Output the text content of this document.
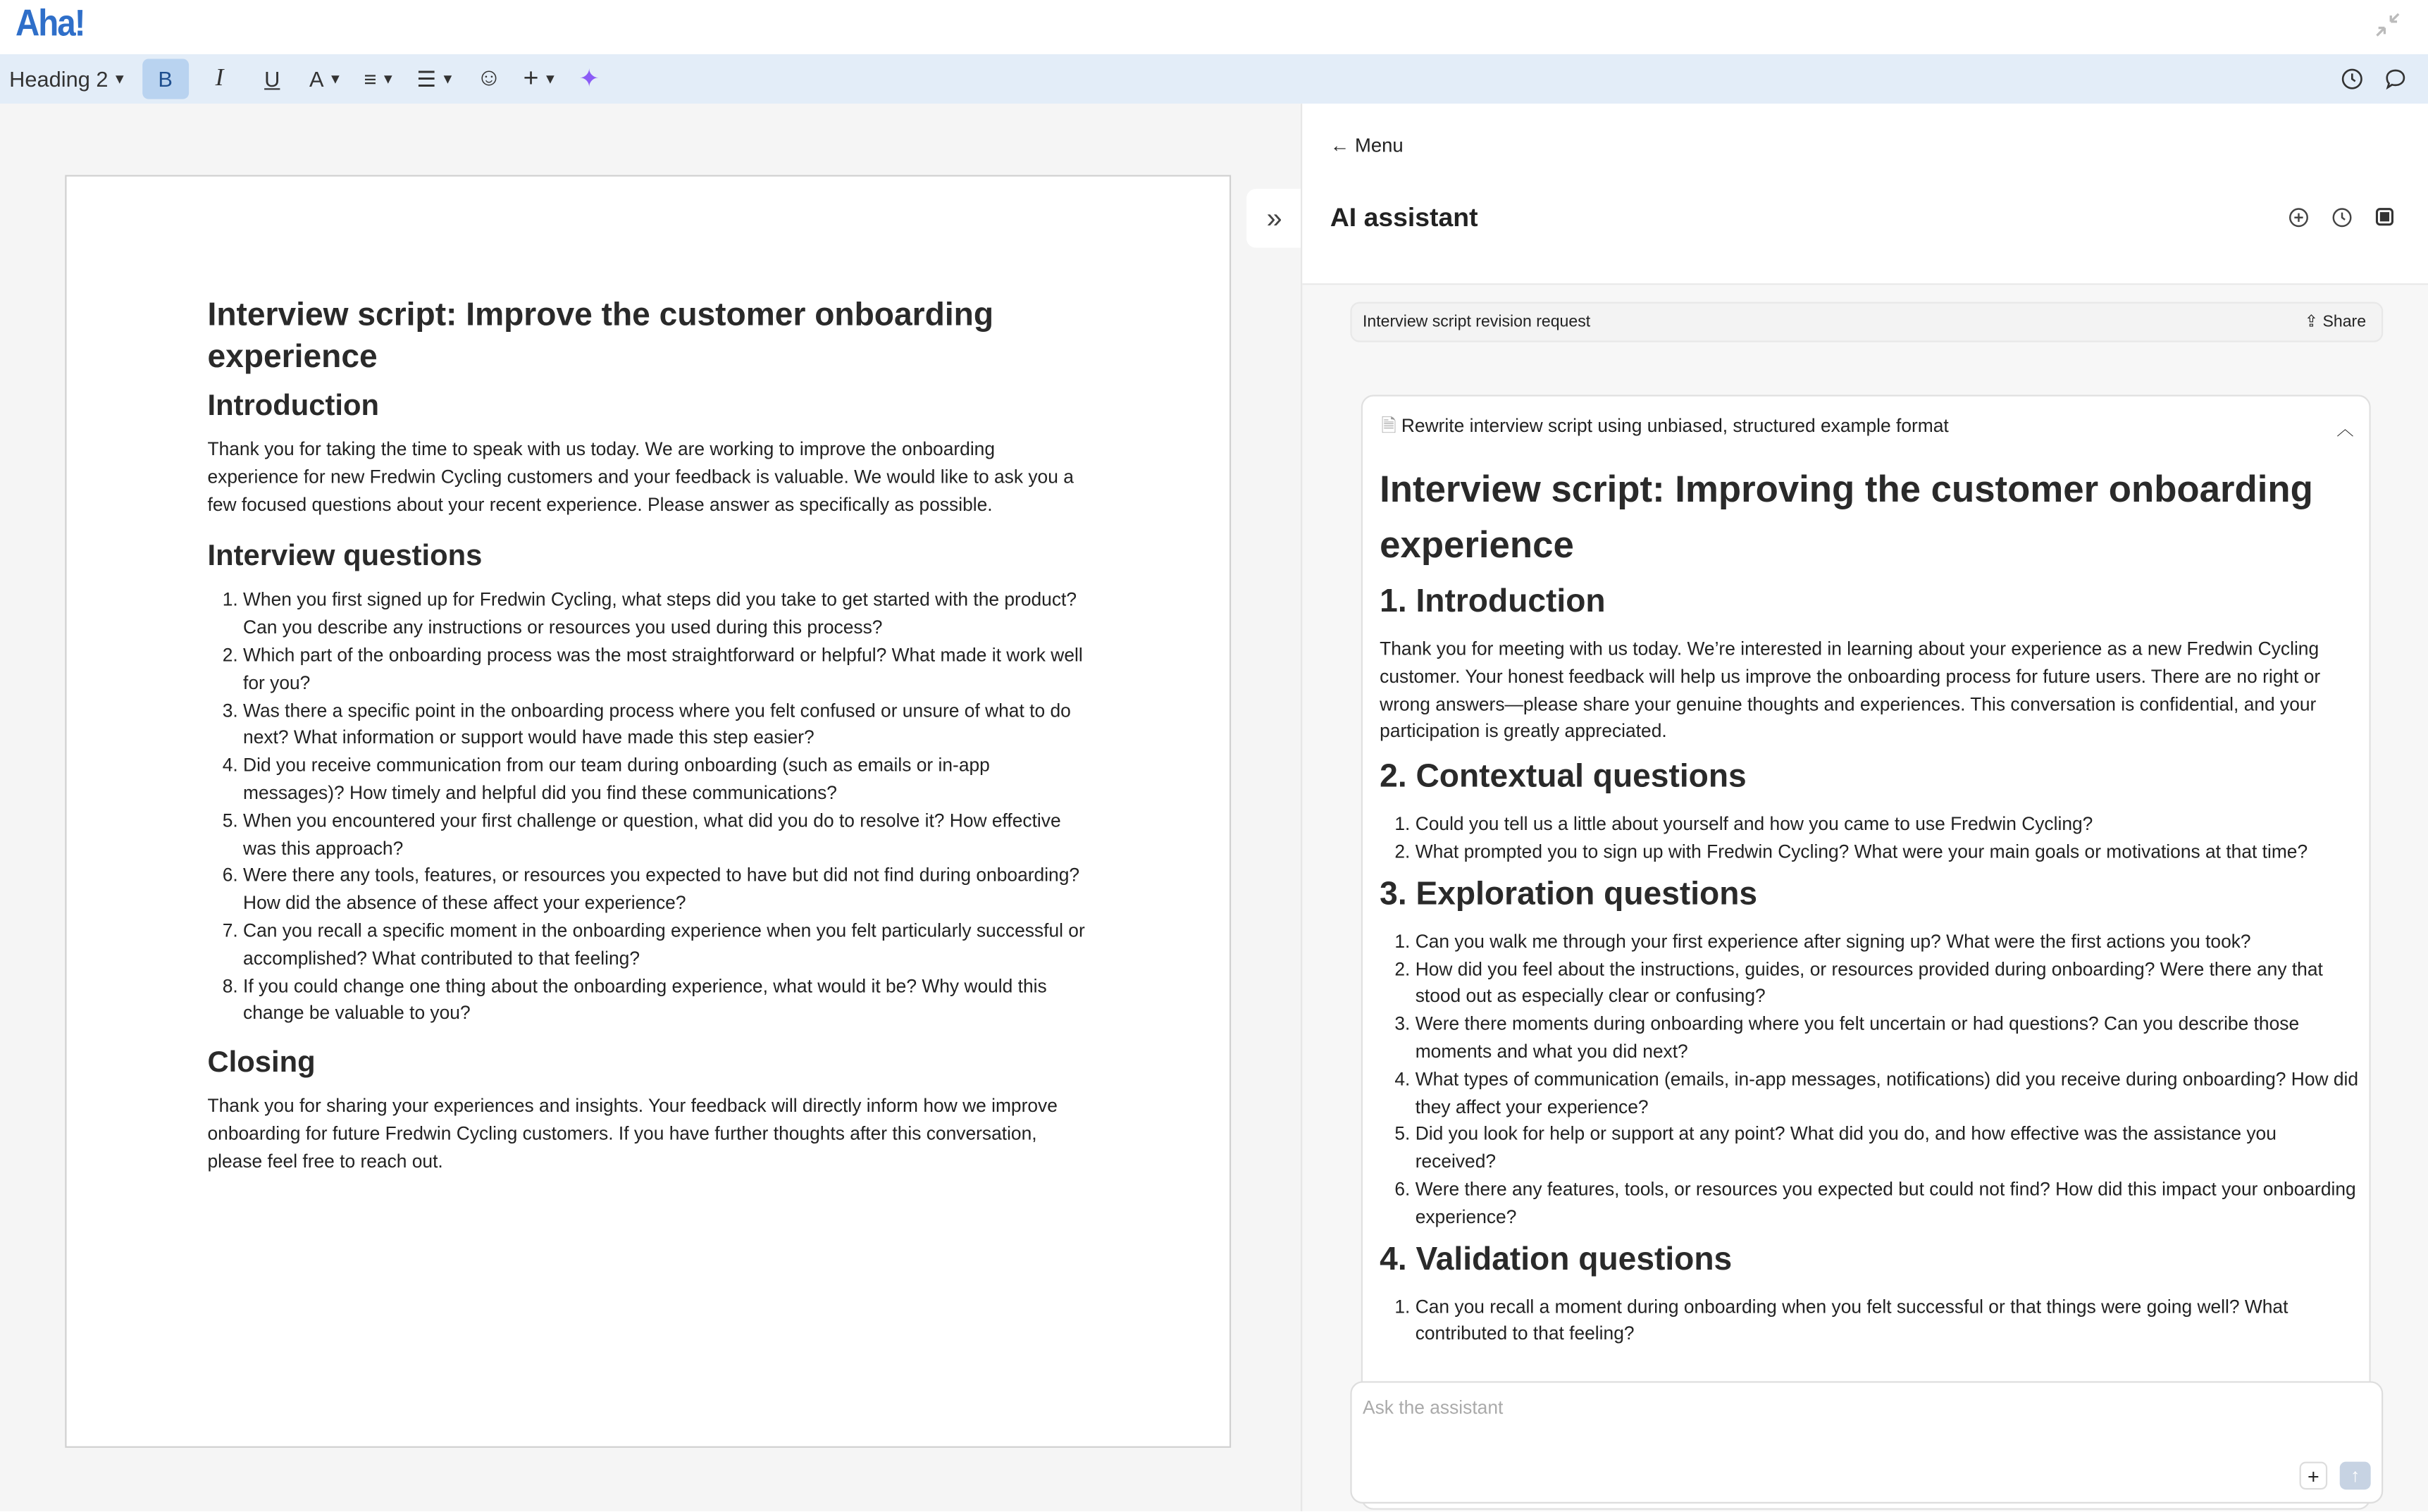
Aha!
Heading 2 ▼	B	I	U	A ▼ ≡ ▼ ☰ ▼ ☺ + ▼ ✦
Interview script: Improve the customer onboarding experience
Introduction

Thank you for taking the time to speak with us today. We are working to improve the onboarding experience for new Fredwin Cycling customers and your feedback is valuable. We would like to ask you a few focused questions about your recent experience. Please answer as specifically as possible.

Interview questions
1. When you first signed up for Fredwin Cycling, what steps did you take to get started with the product? Can you describe any instructions or resources you used during this process?
2. Which part of the onboarding process was the most straightforward or helpful? What made it work well for you?
3. Was there a specific point in the onboarding process where you felt confused or unsure of what to do next? What information or support would have made this step easier?
4. Did you receive communication from our team during onboarding (such as emails or in-app messages)? How timely and helpful did you find these communications?
5. When you encountered your first challenge or question, what did you do to resolve it? How effective was this approach?
6. Were there any tools, features, or resources you expected to have but did not find during onboarding? How did the absence of these affect your experience?
7. Can you recall a specific moment in the onboarding experience when you felt particularly successful or accomplished? What contributed to that feeling?
8. If you could change one thing about the onboarding experience, what would it be? Why would this change be valuable to you?
Closing

Thank you for sharing your experiences and insights. Your feedback will directly inform how we improve onboarding for future Fredwin Cycling customers. If you have further thoughts after this conversation, please feel free to reach out.

»
← Menu
AI assistant
Interview script revision request	⇪ Share
🗎 Rewrite interview script using unbiased, structured example format	︿
Interview script: Improving the customer onboarding experience
1. Introduction

Thank you for meeting with us today. We’re interested in learning about your experience as a new Fredwin Cycling customer. Your honest feedback will help us improve the onboarding process for future users. There are no right or wrong answers—please share your genuine thoughts and experiences. This conversation is confidential, and your participation is greatly appreciated.

2. Contextual questions
1. Could you tell us a little about yourself and how you came to use Fredwin Cycling?
2. What prompted you to sign up with Fredwin Cycling? What were your main goals or motivations at that time?
3. Exploration questions
1. Can you walk me through your first experience after signing up? What were the first actions you took?
2. How did you feel about the instructions, guides, or resources provided during onboarding? Were there any that stood out as especially clear or confusing?
3. Were there moments during onboarding where you felt uncertain or had questions? Can you describe those moments and what you did next?
4. What types of communication (emails, in-app messages, notifications) did you receive during onboarding? How did they affect your experience?
5. Did you look for help or support at any point? What did you do, and how effective was the assistance you received?
6. Were there any features, tools, or resources you expected but could not find? How did this impact your onboarding experience?
4. Validation questions
1. Can you recall a moment during onboarding when you felt successful or that things were going well? What contributed to that feeling?
Ask the assistant
+	↑
